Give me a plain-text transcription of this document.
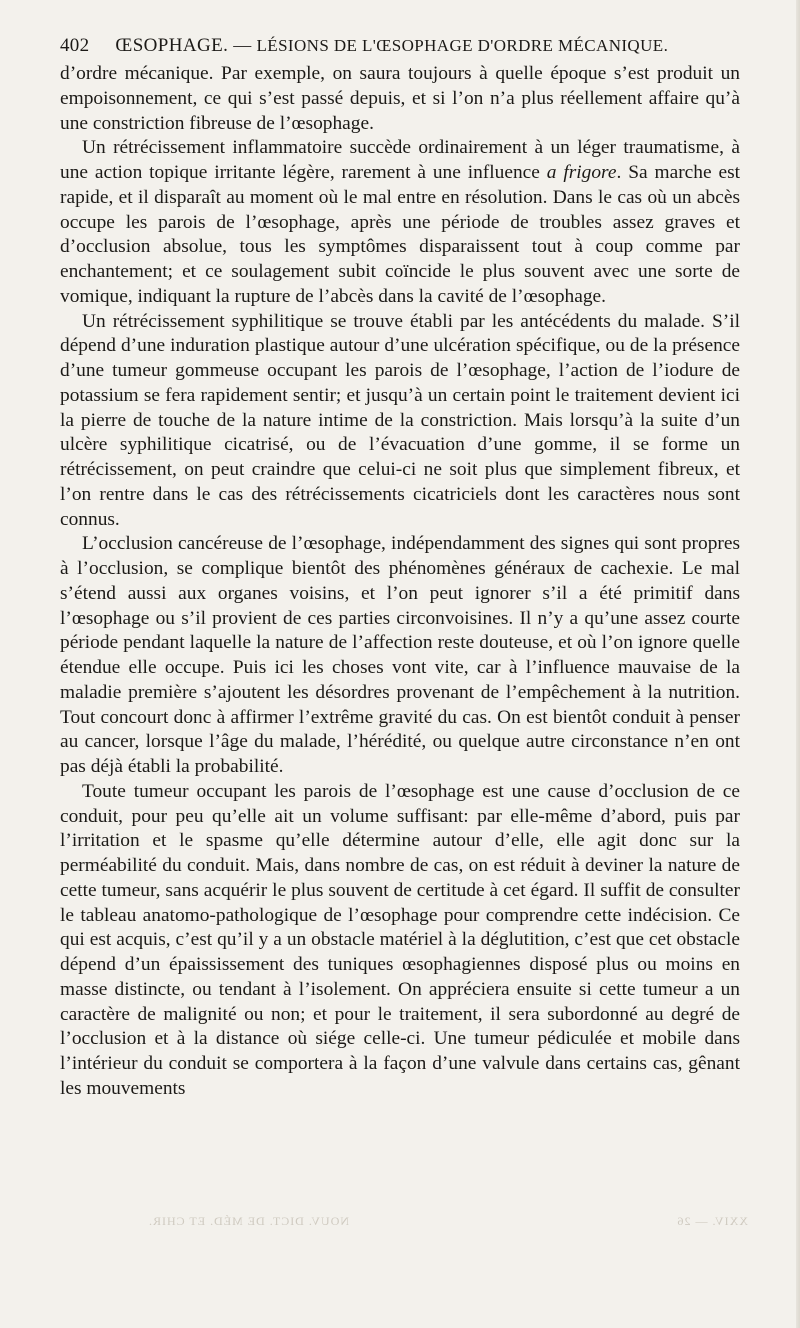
402 ŒSOPHAGE. — LÉSIONS DE L'ŒSOPHAGE D'ORDRE MÉCANIQUE.

d’ordre mécanique. Par exemple, on saura toujours à quelle époque s’est produit un empoisonnement, ce qui s’est passé depuis, et si l’on n’a plus réellement affaire qu’à une constriction fibreuse de l’œsophage.

Un rétrécissement inflammatoire succède ordinairement à un léger traumatisme, à une action topique irritante légère, rarement à une influence a frigore. Sa marche est rapide, et il disparaît au moment où le mal entre en résolution. Dans le cas où un abcès occupe les parois de l’œsophage, après une période de troubles assez graves et d’occlusion absolue, tous les symptômes disparaissent tout à coup comme par enchantement; et ce soulagement subit coïncide le plus souvent avec une sorte de vomique, indiquant la rupture de l’abcès dans la cavité de l’œsophage.

Un rétrécissement syphilitique se trouve établi par les antécédents du malade. S’il dépend d’une induration plastique autour d’une ulcération spécifique, ou de la présence d’une tumeur gommeuse occupant les parois de l’œsophage, l’action de l’iodure de potassium se fera rapidement sentir; et jusqu’à un certain point le traitement devient ici la pierre de touche de la nature intime de la constriction. Mais lorsqu’à la suite d’un ulcère syphilitique cicatrisé, ou de l’évacuation d’une gomme, il se forme un rétrécissement, on peut craindre que celui-ci ne soit plus que simplement fibreux, et l’on rentre dans le cas des rétrécissements cicatriciels dont les caractères nous sont connus.

L’occlusion cancéreuse de l’œsophage, indépendamment des signes qui sont propres à l’occlusion, se complique bientôt des phénomènes généraux de cachexie. Le mal s’étend aussi aux organes voisins, et l’on peut ignorer s’il a été primitif dans l’œsophage ou s’il provient de ces parties circonvoisines. Il n’y a qu’une assez courte période pendant laquelle la nature de l’affection reste douteuse, et où l’on ignore quelle étendue elle occupe. Puis ici les choses vont vite, car à l’influence mauvaise de la maladie première s’ajoutent les désordres provenant de l’empêchement à la nutrition. Tout concourt donc à affirmer l’extrême gravité du cas. On est bientôt conduit à penser au cancer, lorsque l’âge du malade, l’hérédité, ou quelque autre circonstance n’en ont pas déjà établi la probabilité.

Toute tumeur occupant les parois de l’œsophage est une cause d’occlusion de ce conduit, pour peu qu’elle ait un volume suffisant: par elle-même d’abord, puis par l’irritation et le spasme qu’elle détermine autour d’elle, elle agit donc sur la perméabilité du conduit. Mais, dans nombre de cas, on est réduit à deviner la nature de cette tumeur, sans acquérir le plus souvent de certitude à cet égard. Il suffit de consulter le tableau anatomo-pathologique de l’œsophage pour comprendre cette indécision. Ce qui est acquis, c’est qu’il y a un obstacle matériel à la déglutition, c’est que cet obstacle dépend d’un épaississement des tuniques œsophagiennes disposé plus ou moins en masse distincte, ou tendant à l’isolement. On appréciera ensuite si cette tumeur a un caractère de malignité ou non; et pour le traitement, il sera subordonné au degré de l’occlusion et à la distance où siége celle-ci. Une tumeur pédiculée et mobile dans l’intérieur du conduit se comportera à la façon d’une valvule dans certains cas, gênant les mouvements

XXIV. — 26
NOUV. DICT. DE MÉD. ET CHIR.
